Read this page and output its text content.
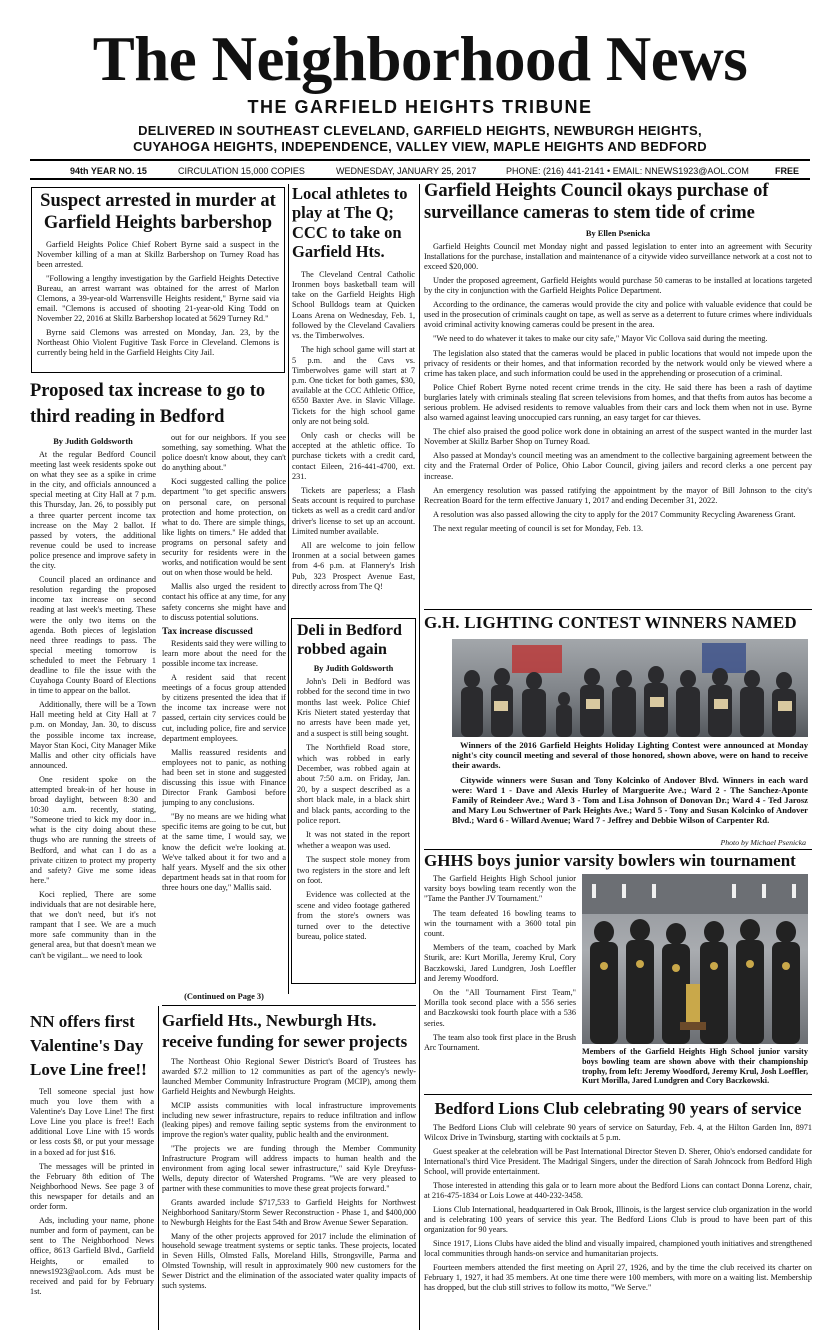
The Neighborhood News
THE GARFIELD HEIGHTS TRIBUNE
DELIVERED IN SOUTHEAST CLEVELAND, GARFIELD HEIGHTS, NEWBURGH HEIGHTS,
CUYAHOGA HEIGHTS, INDEPENDENCE, VALLEY VIEW, MAPLE HEIGHTS AND BEDFORD
94th YEAR NO. 15	CIRCULATION 15,000 COPIES	WEDNESDAY, JANUARY 25, 2017	PHONE: (216) 441-2141 • EMAIL: NNEWS1923@AOL.COM	FREE
Suspect arrested in murder at Garfield Heights barbershop

Garfield Heights Police Chief Robert Byrne said a suspect in the November killing of a man at Skillz Barbershop on Turney Road has been arrested.

"Following a lengthy investigation by the Garfield Heights Detective Bureau, an arrest warrant was obtained for the arrest of Marlon Clemons, a 39-year-old Warrensville Heights resident," Byrne said via email. "Clemons is accused of shooting 21-year-old King Todd on November 22, 2016 at Skillz Barbershop located at 5629 Turney Rd."

Byrne said Clemons was arrested on Monday, Jan. 23, by the Northeast Ohio Violent Fugitive Task Force in Cleveland. Clemons is currently being held in the Garfield Heights City Jail.

Local athletes to play at The Q; CCC to take on Garfield Hts.

The Cleveland Central Catholic Ironmen boys basketball team will take on the Garfield Heights High School Bulldogs team at Quicken Loans Arena on Wednesday, Feb. 1, followed by the Cleveland Cavaliers vs. the Timberwolves.

The high school game will start at 5 p.m. and the Cavs vs. Timberwolves game will start at 7 p.m. One ticket for both games, $30, available at the CCC Athletic Office, 6550 Baxter Ave. in Slavic Village. Tickets for the high school game only are not being sold.

Only cash or checks will be accepted at the athletic office. To purchase tickets with a credit card, contact Eileen, 216-441-4700, ext. 231.

Tickets are paperless; a Flash Seats account is required to purchase tickets as well as a credit card and/or driver's license to set up an account. Limited number available.

All are welcome to join fellow Ironmen at a social between games from 4-6 p.m. at Flannery's Irish Pub, 323 Prospect Avenue East, directly across from The Q!

Garfield Heights Council okays purchase of surveillance cameras to stem tide of crime
By Ellen Psenicka

Garfield Heights Council met Monday night and passed legislation to enter into an agreement with Security Installations for the purchase, installation and maintenance of a citywide video surveillance network at a cost not to exceed $20,000.

Under the proposed agreement, Garfield Heights would purchase 50 cameras to be installed at locations targeted by the city in conjunction with the Garfield Heights Police Department.

According to the ordinance, the cameras would provide the city and police with valuable evidence that could be used in the prosecution of criminals caught on tape, as well as serve as a deterrent to future crimes where individuals avoid criminal activity knowing cameras could be present in the area.

"We need to do whatever it takes to make our city safe," Mayor Vic Collova said during the meeting.

The legislation also stated that the cameras would be placed in public locations that would not impede upon the privacy of residents or their homes, and that information recorded by the network would only be viewed where a crime has taken place, and such information could be used in the apprehending or prosecution of a criminal.

Police Chief Robert Byrne noted recent crime trends in the city. He said there has been a rash of daytime burglaries lately with criminals stealing flat screen televisions from homes, and that thefts from autos has become a serious problem. He advised residents to remove valuables from their cars and lock them when not in use. Byrne also warned against leaving unoccupied cars running, an easy target for car thieves.

The chief also praised the good police work done in obtaining an arrest of the suspect wanted in the murder last November at Skillz Barber Shop on Turney Road.

Also passed at Monday's council meeting was an amendment to the collective bargaining agreement between the city and the Fraternal Order of Police, Ohio Labor Council, giving jailers and record clerks a one percent pay increase.

An emergency resolution was passed ratifying the appointment by the mayor of Bill Johnson to the city's Recreation Board for the term effective January 1, 2017 and ending December 31, 2022.

A resolution was also passed allowing the city to apply for the 2017 Community Recycling Awareness Grant.

The next regular meeting of council is set for Monday, Feb. 13.

Proposed tax increase to go to third reading in Bedford
By Judith Goldsworth

At the regular Bedford Council meeting last week residents spoke out on what they see as a spike in crime in the city, and officials announced a special meeting at City Hall at 7 p.m. this Thursday, Jan. 26, to possibly put a three quarter percent income tax increase on the May 2 ballot. If passed by voters, the additional revenue could be used to increase police presence and improve safety in the city.

Council placed an ordinance and resolution regarding the proposed income tax increase on second reading at last week's meeting. These were the only two items on the agenda. Both pieces of legislation need three readings to pass. The special meeting tomorrow is scheduled to meet the February 1 deadline to file the issue with the Cuyahoga County Board of Elections in time to appear on the ballot.

Additionally, there will be a Town Hall meeting held at City Hall at 7 p.m. on Monday, Jan. 30, to discuss the possible income tax increase, Mayor Stan Koci, City Manager Mike Mallis and other city officials have announced.

One resident spoke on the attempted break-in of her house in broad daylight, between 8:30 and 10:30 a.m. recently, stating, "Someone tried to kick my door in... what is the city doing about these thugs who are running the streets of Bedford, and what can I do as a private citizen to protect my property and safety? Give me some ideas here."

Koci replied, There are some individuals that are not desirable here, that we don't need, but it's not rampant that I see. We are a much more safe community than in the general area, but that doesn't mean we can't be vigilant... we need to look

out for our neighbors. If you see something, say something. What the police doesn't know about, they can't do anything about."

Koci suggested calling the police department "to get specific answers on personal care, on personal protection and home protection, on what to do. There are simple things, like lights on timers." He added that programs on personal safety and security for residents were in the works, and notification would be sent out on when those would be held.

Mallis also urged the resident to contact his office at any time, for any safety concerns she might have and to discuss potential solutions.

Tax increase discussed

Residents said they were willing to learn more about the need for the possible income tax increase.

A resident said that recent meetings of a focus group attended by citizens presented the idea that if the income tax increase were not passed, certain city services could be cut, including police, fire and service department employees.

Mallis reassured residents and employees not to panic, as nothing had been set in stone and suggested discussing this issue with Finance Director Frank Gambosi before jumping to any conclusions.

"By no means are we hiding what specific items are going to be cut, but at the same time, I would say, we know the deficit we're looking at. We've talked about it for two and a half years. Myself and the six other department heads sat in that room for three hours one day," Mallis said.

(Continued on Page 3)
Deli in Bedford robbed again
By Judith Goldsworth

John's Deli in Bedford was robbed for the second time in two months last week. Police Chief Kris Nietert stated yesterday that no arrests have been made yet, and a suspect is still being sought.

The Northfield Road store, which was robbed in early December, was robbed again at about 7:50 a.m. on Friday, Jan. 20, by a suspect described as a short black male, in a black shirt and black pants, according to the police report.

It was not stated in the report whether a weapon was used.

The suspect stole money from two registers in the store and left on foot.

Evidence was collected at the scene and video footage gathered from the store's owners was turned over to the detective bureau, police stated.

G.H. LIGHTING CONTEST WINNERS NAMED

Winners of the 2016 Garfield Heights Holiday Lighting Contest were announced at Monday night's city council meeting and several of those honored, shown above, were on hand to receive their awards.

Citywide winners were Susan and Tony Kolcinko of Andover Blvd. Winners in each ward were: Ward 1 - Dave and Alexis Hurley of Marguerite Ave.; Ward 2 - The Sanchez-Aponte Family of Reindeer Ave.; Ward 3 - Tom and Lisa Johnson of Donovan Dr.; Ward 4 - Ted Jarosz and Mary Lou Schwertner of Park Heights Ave.; Ward 5 - Tony and Susan Kolcinko of Andover Blvd.; Ward 6 - Willard Avenue; Ward 7 - Jeffrey and Debbie Wilson of Carpenter Rd.

Photo by Michael Psenicka
GHHS boys junior varsity bowlers win tournament

The Garfield Heights High School junior varsity boys bowling team recently won the "Tame the Panther JV Tournament."

The team defeated 16 bowling teams to win the tournament with a 3600 total pin count.

Members of the team, coached by Mark Sturik, are: Kurt Morilla, Jeremy Krul, Cory Baczkowski, Jared Lundgren, Josh Loeffler and Jeremy Woodford.

On the "All Tournament First Team," Morilla took second place with a 556 series and Baczkowski took fourth place with a 536 series.

The team also took first place in the Brush Arc Tournament.	Members of the Garfield Heights High School junior varsity boys bowling team are shown above with their championship trophy, from left: Jeremy Woodford, Jeremy Krul, Josh Loeffler, Kurt Morilla, Jared Lundgren and Cory Baczkowski.
NN offers first Valentine's Day Love Line free!!

Tell someone special just how much you love them with a Valentine's Day Love Line! The first Love Line you place is free!! Each additional Love Line with 15 words or less costs $8, or put your message in a boxed ad for just $16.

The messages will be printed in the February 8th edition of The Neighborhood News. See page 3 of this newspaper for details and an order form.

Ads, including your name, phone number and form of payment, can be sent to The Neighborhood News office, 8613 Garfield Blvd., Garfield Heights, or emailed to nnews1923@aol.com. Ads must be received and paid for by February 1st.

Garfield Hts., Newburgh Hts. receive funding for sewer projects

The Northeast Ohio Regional Sewer District's Board of Trustees has awarded $7.2 million to 12 communities as part of the agency's newly-launched Member Community Infrastructure Program (MCIP), among them Garfield Heights and Newburgh Heights.

MCIP assists communities with local infrastructure improvements including new sewer infrastructure, repairs to reduce infiltration and inflow (leaking pipes) and remove failing septic systems from the environment to improve the region's water quality, public health and the environment.

"The projects we are funding through the Member Community Infrastructure Program will address impacts to human health and the environment from aging local sewer infrastructure," said Kyle Dreyfuss-Wells, deputy director of Watershed Programs. "We are very pleased to partner with these communities to move these great projects forward."

Grants awarded include $717,533 to Garfield Heights for Northwest Neighborhood Sanitary/Storm Sewer Reconstruction - Phase 1, and $400,000 to Newburgh Heights for the East 54th and Brow Avenue Sewer Separation.

Many of the other projects approved for 2017 include the elimination of household sewage treatment systems or septic tanks. These projects, located in Seven Hills, Olmsted Falls, Moreland Hills, Strongsville, Parma and Olmsted Township, will result in approximately 900 new customers for the Sewer District and the elimination of the associated water quality impacts of such systems.

Bedford Lions Club celebrating 90 years of service

The Bedford Lions Club will celebrate 90 years of service on Saturday, Feb. 4, at the Hilton Garden Inn, 8971 Wilcox Drive in Twinsburg, starting with cocktails at 5 p.m.

Guest speaker at the celebration will be Past International Director Steven D. Sherer, Ohio's endorsed candidate for International's third Vice President. The Madrigal Singers, under the direction of Sarah Johncock from Bedford High School, will provide entertainment.

Those interested in attending this gala or to learn more about the Bedford Lions can contact Donna Lorenz, chair, at 216-475-1834 or Lois Lowe at 440-232-3458.

Lions Club International, headquartered in Oak Brook, Illinois, is the largest service club organization in the world and is celebrating 100 years of service this year. The Bedford Lions Club is proud to have been part of this organization for 90 years.

Since 1917, Lions Clubs have aided the blind and visually impaired, championed youth initiatives and strengthened local communities through hands-on service and humanitarian projects.

Fourteen members attended the first meeting on April 27, 1926, and by the time the club received its charter on February 1, 1927, it had 35 members. At one time there were 100 members, with more on a waiting list. Membership has dropped, but the club still strives to follow its motto, "We Serve."
